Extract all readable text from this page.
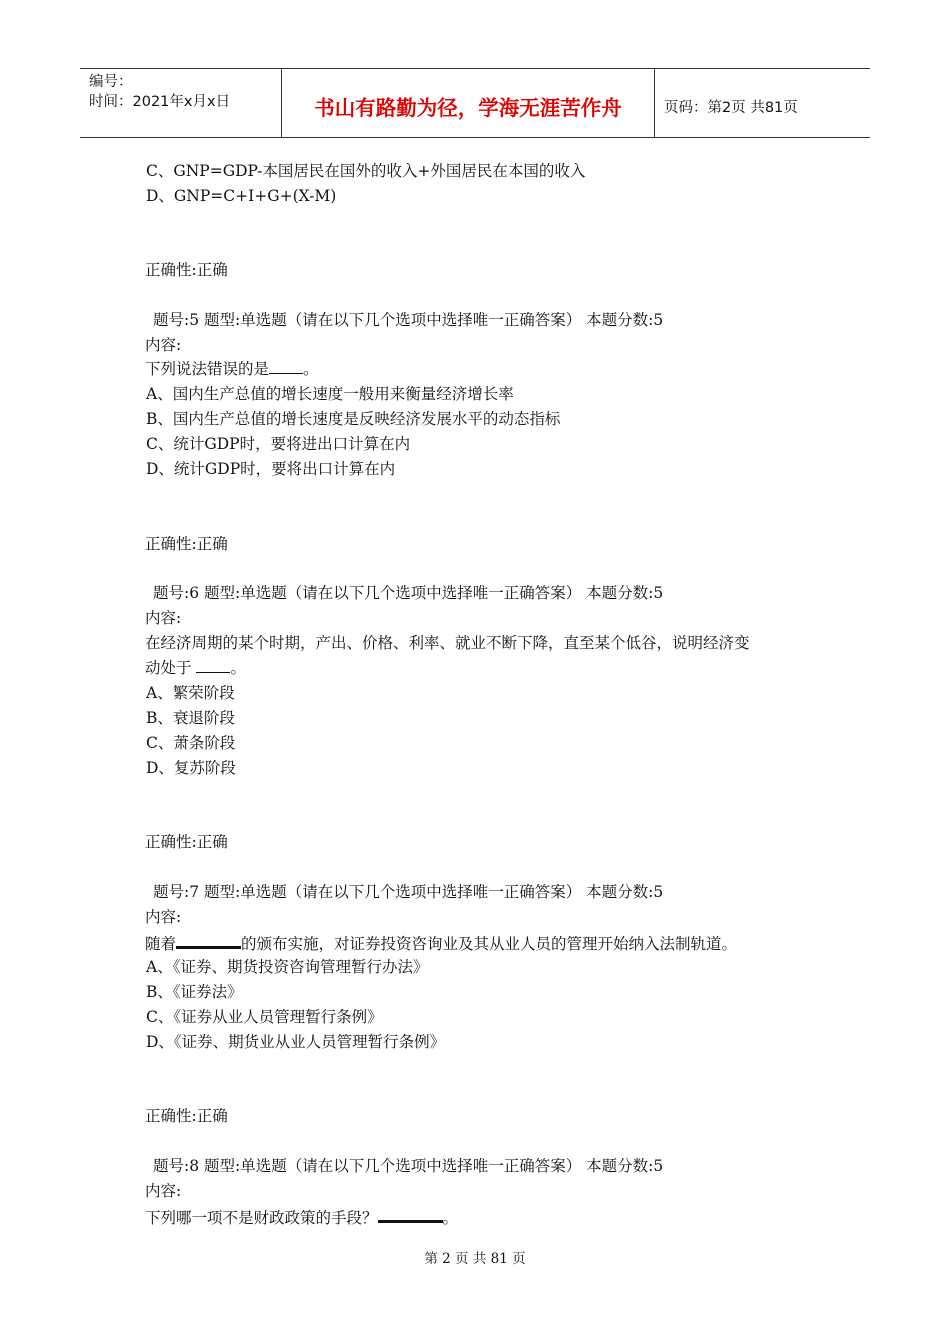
编号：
时间：2021年x月x日	书山有路勤为径，学海无涯苦作舟	页码：第2页 共81页
C、GNP=GDP-本国居民在国外的收入+外国居民在本国的收入
D、GNP=C+I+G+(X-M)
正确性:正确
题号:5 题型:单选题（请在以下几个选项中选择唯一正确答案） 本题分数:5
内容:
下列说法错误的是 。
A、国内生产总值的增长速度一般用来衡量经济增长率
B、国内生产总值的增长速度是反映经济发展水平的动态指标
C、统计GDP时，要将进出口计算在内
D、统计GDP时，要将出口计算在内
正确性:正确
题号:6 题型:单选题（请在以下几个选项中选择唯一正确答案） 本题分数:5
内容:
在经济周期的某个时期，产出、价格、利率、就业不断下降，直至某个低谷，说明经济变
动处于 。
A、繁荣阶段
B、衰退阶段
C、萧条阶段
D、复苏阶段
正确性:正确
题号:7 题型:单选题（请在以下几个选项中选择唯一正确答案） 本题分数:5
内容:
随着	的颁布实施，对证券投资咨询业及其从业人员的管理开始纳入法制轨道。
A、《证券、期货投资咨询管理暂行办法》
B、《证券法》
C、《证券从业人员管理暂行条例》
D、《证券、期货业从业人员管理暂行条例》
正确性:正确
题号:8 题型:单选题（请在以下几个选项中选择唯一正确答案） 本题分数:5
内容:
下列哪一项不是财政政策的手段？	。
第 2 页 共 81 页
